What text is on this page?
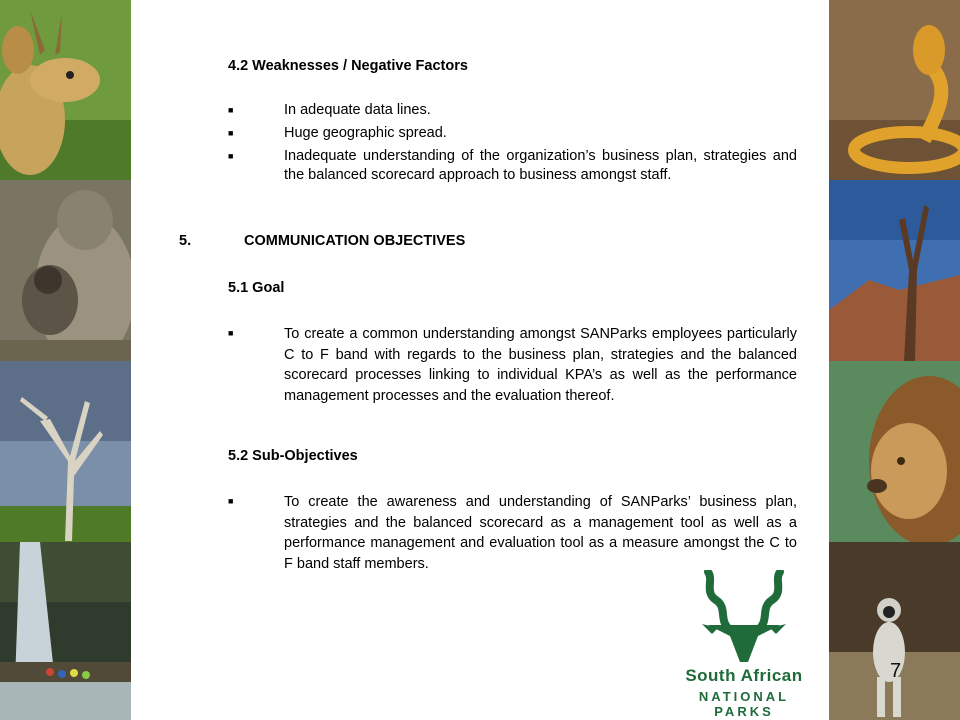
4.2 Weaknesses / Negative Factors
■	In adequate data lines.
■	Huge geographic spread.
■	Inadequate understanding of the organization’s business plan, strategies and the balanced scorecard approach to business amongst staff.
5.	COMMUNICATION OBJECTIVES
5.1 Goal
■	To create a common understanding amongst SANParks employees particularly C to F band with regards to the business plan, strategies and the balanced scorecard processes linking to individual KPA’s as well as the performance management processes and the evaluation thereof.
5.2 Sub-Objectives
■	To create the awareness and understanding of SANParks’ business plan, strategies and the balanced scorecard as a management tool as well as a performance management and evaluation tool as a measure amongst the C to F band staff members.
South African
NATIONAL PARKS
7
